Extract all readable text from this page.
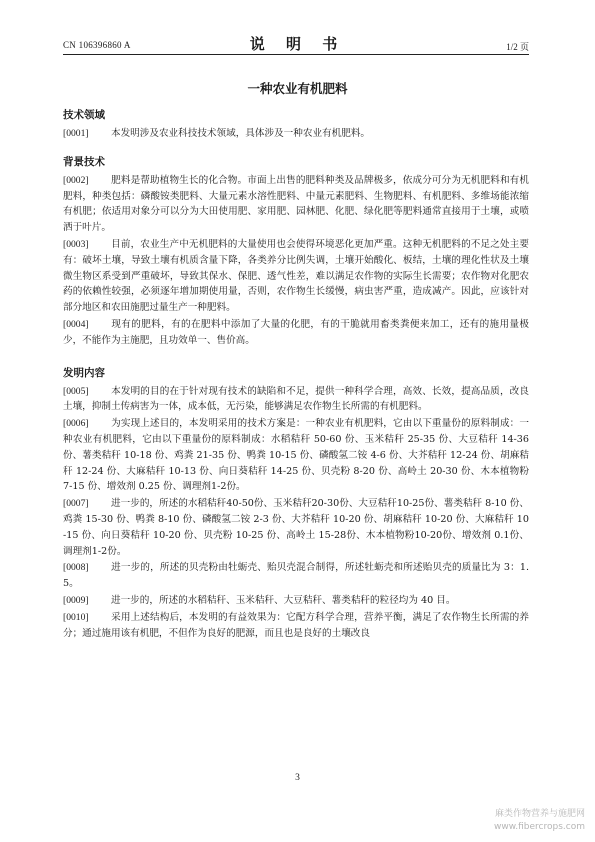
CN 106396860 A	说 明 书	1/2 页
一种农业有机肥料
技术领域

[0001] 本发明涉及农业科技技术领域，具体涉及一种农业有机肥料。

背景技术

[0002] 肥料是帮助植物生长的化合物。市面上出售的肥料种类及品牌极多，依成分可分为无机肥料和有机肥料，种类包括：磷酸铵类肥料、大量元素水溶性肥料、中量元素肥料、生物肥料、有机肥料、多维场能浓缩有机肥；依适用对象分可以分为大田使用肥、家用肥、园林肥、化肥、绿化肥等肥料通常直接用于土壤，或喷洒于叶片。

[0003] 目前，农业生产中无机肥料的大量使用也会使得环境恶化更加严重。这种无机肥料的不足之处主要有：破坏土壤，导致土壤有机质含量下降，各类养分比例失调，土壤开始酸化、板结，土壤的理化性状及土壤微生物区系受到严重破坏，导致其保水、保肥、透气性差，难以满足农作物的实际生长需要；农作物对化肥农药的依赖性较强，必须逐年增加期使用量，否则，农作物生长缓慢，病虫害严重，造成减产。因此，应该针对部分地区和农田施肥过量生产一种肥料。

[0004] 现有的肥料，有的在肥料中添加了大量的化肥，有的干脆就用畜类粪便来加工，还有的施用量极少，不能作为主施肥，且功效单一、售价高。

发明内容

[0005] 本发明的目的在于针对现有技术的缺陷和不足，提供一种科学合理，高效、长效，提高品质，改良土壤，抑制土传病害为一体，成本低，无污染，能够满足农作物生长所需的有机肥料。

[0006] 为实现上述目的，本发明采用的技术方案是：一种农业有机肥料，它由以下重量份的原料制成：一种农业有机肥料，它由以下重量份的原料制成：水稻秸秆 50-60 份、玉米秸秆 25-35 份、大豆秸秆 14-36 份、薯类秸秆 10-18 份、鸡粪 21-35 份、鸭粪 10-15 份、磷酸氢二铵 4-6 份、大芥秸秆 12-24 份、胡麻秸秆 12-24 份、大麻秸秆 10-13 份、向日葵秸秆 14-25 份、贝壳粉 8-20 份、高岭土 20-30 份、木本植物粉 7-15 份、增效剂 0.25 份、调理剂1-2份。

[0007] 进一步的，所述的水稻秸秆40-50份、玉米秸秆20-30份、大豆秸秆10-25份、薯类秸秆 8-10 份、鸡粪 15-30 份、鸭粪 8-10 份、磷酸氢二铵 2-3 份、大芥秸秆 10-20 份、胡麻秸秆 10-20 份、大麻秸秆 10-15 份、向日葵秸秆 10-20 份、贝壳粉 10-25 份、高岭土 15-28份、木本植物粉10-20份、增效剂 0.1份、调理剂1-2份。

[0008] 进一步的，所述的贝壳粉由牡蛎壳、贻贝壳混合制得，所述牡蛎壳和所述贻贝壳的质量比为 3：1.5。

[0009] 进一步的，所述的水稻秸秆、玉米秸秆、大豆秸秆、薯类秸秆的粒径均为 40 目。

[0010] 采用上述结构后，本发明的有益效果为：它配方科学合理，营养平衡，满足了农作物生长所需的养分；通过施用该有机肥，不但作为良好的肥源，而且也是良好的土壤改良

3
麻类作物营养与施肥网
www.fibercrops.com
